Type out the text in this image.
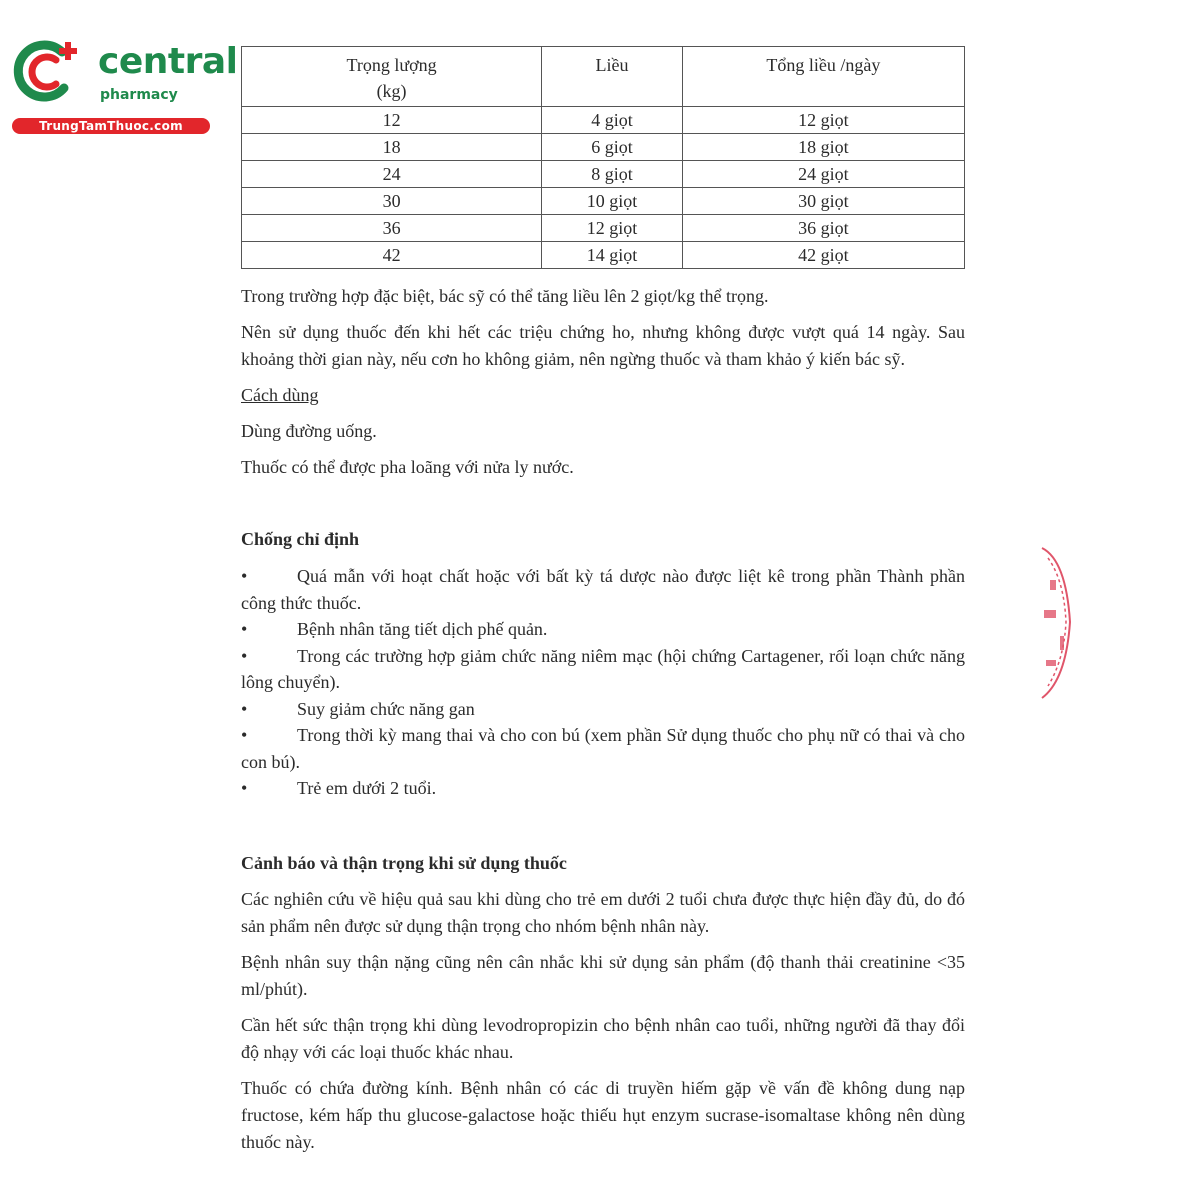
central
pharmacy
TrungTamThuoc.com
Trọng lượng
(kg)	Liều	Tổng liều /ngày
12	4 giọt	12 giọt
18	6 giọt	18 giọt
24	8 giọt	24 giọt
30	10 giọt	30 giọt
36	12 giọt	36 giọt
42	14 giọt	42 giọt

Trong trường hợp đặc biệt, bác sỹ có thể tăng liều lên 2 giọt/kg thể trọng.

Nên sử dụng thuốc đến khi hết các triệu chứng ho, nhưng không được vượt quá 14 ngày. Sau khoảng thời gian này, nếu cơn ho không giảm, nên ngừng thuốc và tham khảo ý kiến bác sỹ.

Cách dùng

Dùng đường uống.

Thuốc có thể được pha loãng với nửa ly nước.

Chống chỉ định
•	Quá mẫn với hoạt chất hoặc với bất kỳ tá dược nào được liệt kê trong phần Thành phần công thức thuốc.
•	Bệnh nhân tăng tiết dịch phế quản.
•	Trong các trường hợp giảm chức năng niêm mạc (hội chứng Cartagener, rối loạn chức năng lông chuyển).
•	Suy giảm chức năng gan
•	Trong thời kỳ mang thai và cho con bú (xem phần Sử dụng thuốc cho phụ nữ có thai và cho con bú).
•	Trẻ em dưới 2 tuổi.
Cảnh báo và thận trọng khi sử dụng thuốc

Các nghiên cứu về hiệu quả sau khi dùng cho trẻ em dưới 2 tuổi chưa được thực hiện đầy đủ, do đó sản phẩm nên được sử dụng thận trọng cho nhóm bệnh nhân này.

Bệnh nhân suy thận nặng cũng nên cân nhắc khi sử dụng sản phẩm (độ thanh thải creatinine <35 ml/phút).

Cần hết sức thận trọng khi dùng levodropropizin cho bệnh nhân cao tuổi, những người đã thay đổi độ nhạy với các loại thuốc khác nhau.

Thuốc có chứa đường kính. Bệnh nhân có các di truyền hiếm gặp về vấn đề không dung nạp fructose, kém hấp thu glucose-galactose hoặc thiếu hụt enzym sucrase-isomaltase không nên dùng thuốc này.
